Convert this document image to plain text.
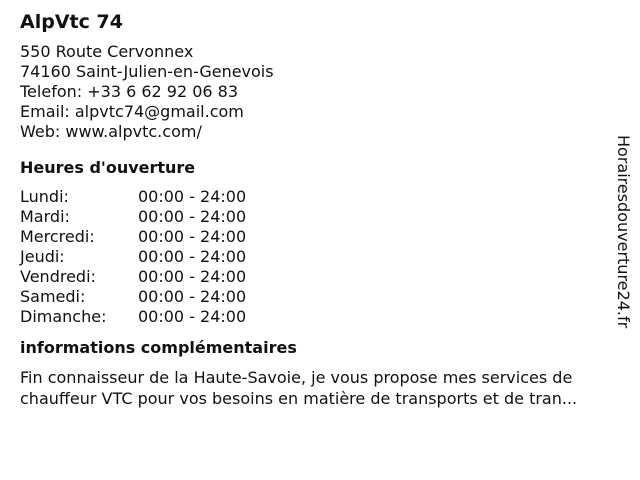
AlpVtc 74

550 Route Cervonnex

74160 Saint-Julien-en-Genevois

Telefon: +33 6 62 92 06 83

Email: alpvtc74@gmail.com

Web: www.alpvtc.com/

Heures d'ouverture
Lundi:	00:00 - 24:00
Mardi:	00:00 - 24:00
Mercredi:	00:00 - 24:00
Jeudi:	00:00 - 24:00
Vendredi:	00:00 - 24:00
Samedi:	00:00 - 24:00
Dimanche:	00:00 - 24:00
informations complémentaires

Fin connaisseur de la Haute-Savoie, je vous propose mes services de
chauffeur VTC pour vos besoins en matière de transports et de tran...

Horairesdouverture24.fr
